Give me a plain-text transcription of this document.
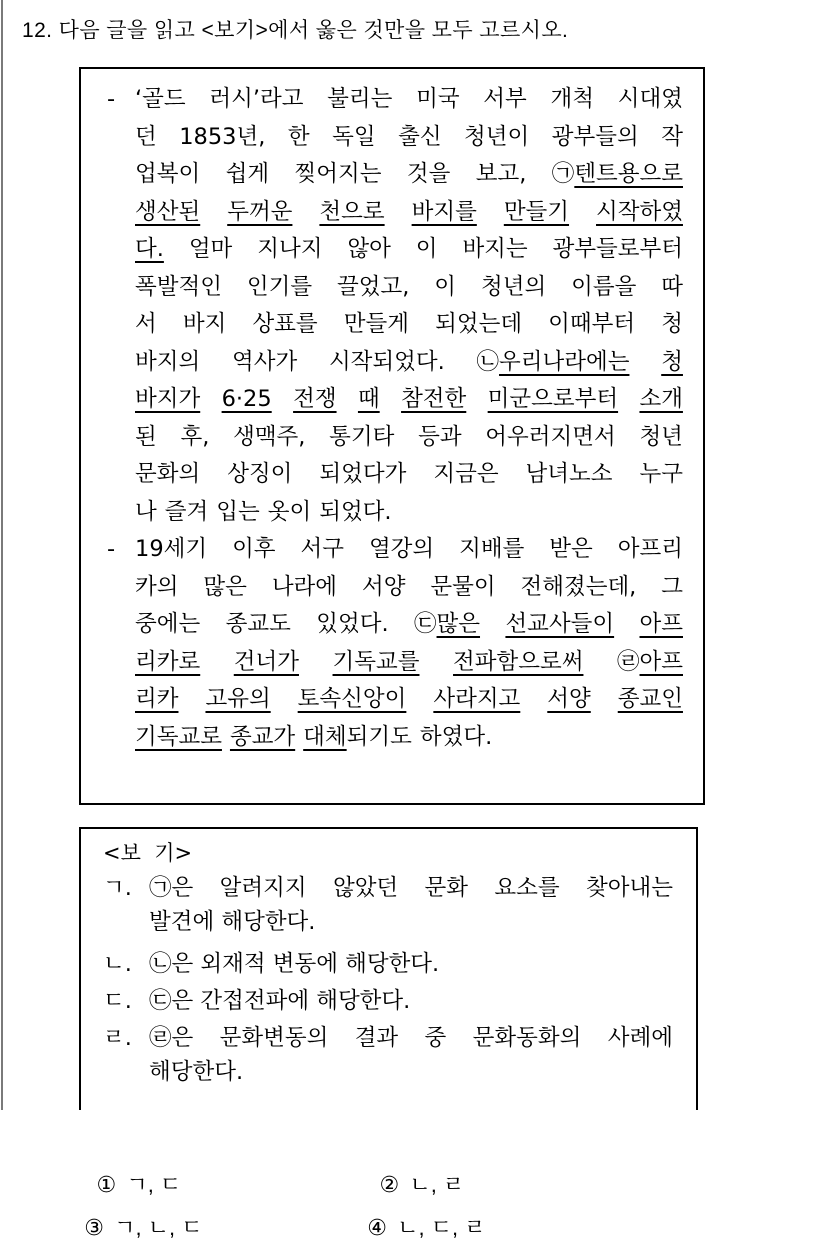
12. 다음 글을 읽고 <보기>에서 옳은 것만을 모두 고르시오.
- ‘골드 러시’라고 불리는 미국 서부 개척 시대였
던 1853년, 한 독일 출신 청년이 광부들의 작
업복이 쉽게 찢어지는 것을 보고, ㉠텐트용으로
생산된 두꺼운 천으로 바지를 만들기 시작하였
다. 얼마 지나지 않아 이 바지는 광부들로부터
폭발적인 인기를 끌었고, 이 청년의 이름을 따
서 바지 상표를 만들게 되었는데 이때부터 청
바지의 역사가 시작되었다. ㉡우리나라에는 청
바지가 6·25 전쟁 때 참전한 미군으로부터 소개
된 후, 생맥주, 통기타 등과 어우러지면서 청년
문화의 상징이 되었다가 지금은 남녀노소 누구
나 즐겨 입는 옷이 되었다.
- 19세기 이후 서구 열강의 지배를 받은 아프리
카의 많은 나라에 서양 문물이 전해졌는데, 그
중에는 종교도 있었다. ㉢많은 선교사들이 아프
리카로 건너가 기독교를 전파함으로써 ㉣아프
리카 고유의 토속신앙이 사라지고 서양 종교인
기독교로 종교가 대체되기도 하였다.
<보  기>
ㄱ. ㉠은 알려지지 않았던 문화 요소를 찾아내는
발견에 해당한다.
ㄴ. ㉡은 외재적 변동에 해당한다.
ㄷ. ㉢은 간접전파에 해당한다.
ㄹ. ㉣은 문화변동의 결과 중 문화동화의 사례에
해당한다.

① ㄱ, ㄷ
	② ㄴ, ㄹ

③ ㄱ, ㄴ, ㄷ	④ ㄴ, ㄷ, ㄹ
